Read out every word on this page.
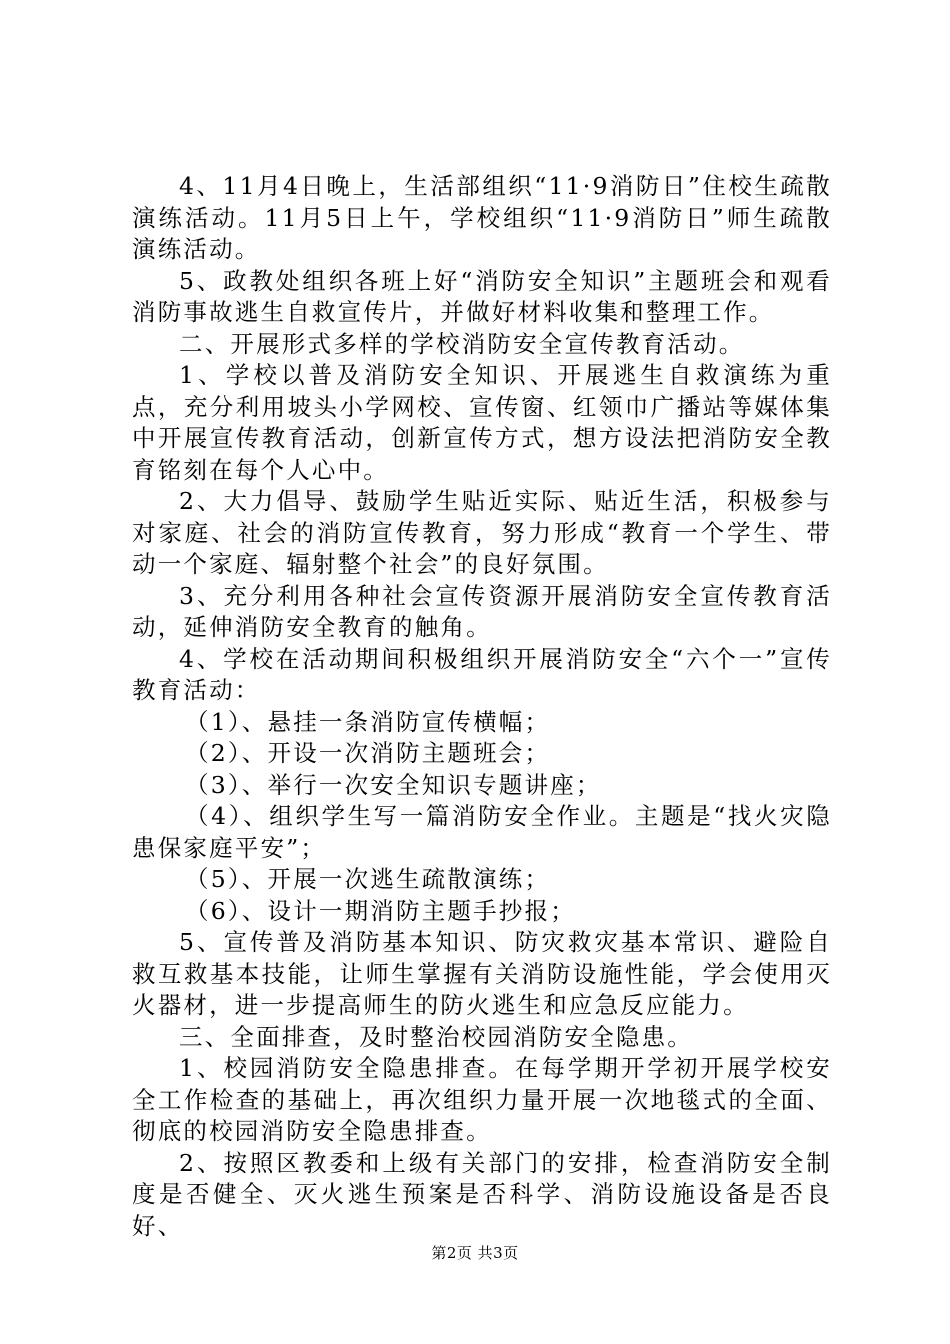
4、11月4日晚上，生活部组织“11·9消防日”住校生疏散演练活动。11月5日上午，学校组织“11·9消防日”师生疏散演练活动。

5、政教处组织各班上好“消防安全知识”主题班会和观看消防事故逃生自救宣传片，并做好材料收集和整理工作。

二、开展形式多样的学校消防安全宣传教育活动。

1、学校以普及消防安全知识、开展逃生自救演练为重点，充分利用坡头小学网校、宣传窗、红领巾广播站等媒体集中开展宣传教育活动，创新宣传方式，想方设法把消防安全教育铭刻在每个人心中。

2、大力倡导、鼓励学生贴近实际、贴近生活，积极参与对家庭、社会的消防宣传教育，努力形成“教育一个学生、带动一个家庭、辐射整个社会”的良好氛围。

3、充分利用各种社会宣传资源开展消防安全宣传教育活动，延伸消防安全教育的触角。

4、学校在活动期间积极组织开展消防安全“六个一”宣传教育活动：

（1）、悬挂一条消防宣传横幅；

（2）、开设一次消防主题班会；

（3）、举行一次安全知识专题讲座；

（4）、组织学生写一篇消防安全作业。主题是“找火灾隐患保家庭平安”；

（5）、开展一次逃生疏散演练；

（6）、设计一期消防主题手抄报；

5、宣传普及消防基本知识、防灾救灾基本常识、避险自救互救基本技能，让师生掌握有关消防设施性能，学会使用灭火器材，进一步提高师生的防火逃生和应急反应能力。

三、全面排查，及时整治校园消防安全隐患。

1、校园消防安全隐患排查。在每学期开学初开展学校安全工作检查的基础上，再次组织力量开展一次地毯式的全面、彻底的校园消防安全隐患排查。

2、按照区教委和上级有关部门的安排，检查消防安全制度是否健全、灭火逃生预案是否科学、消防设施设备是否良好、

第2页 共3页
